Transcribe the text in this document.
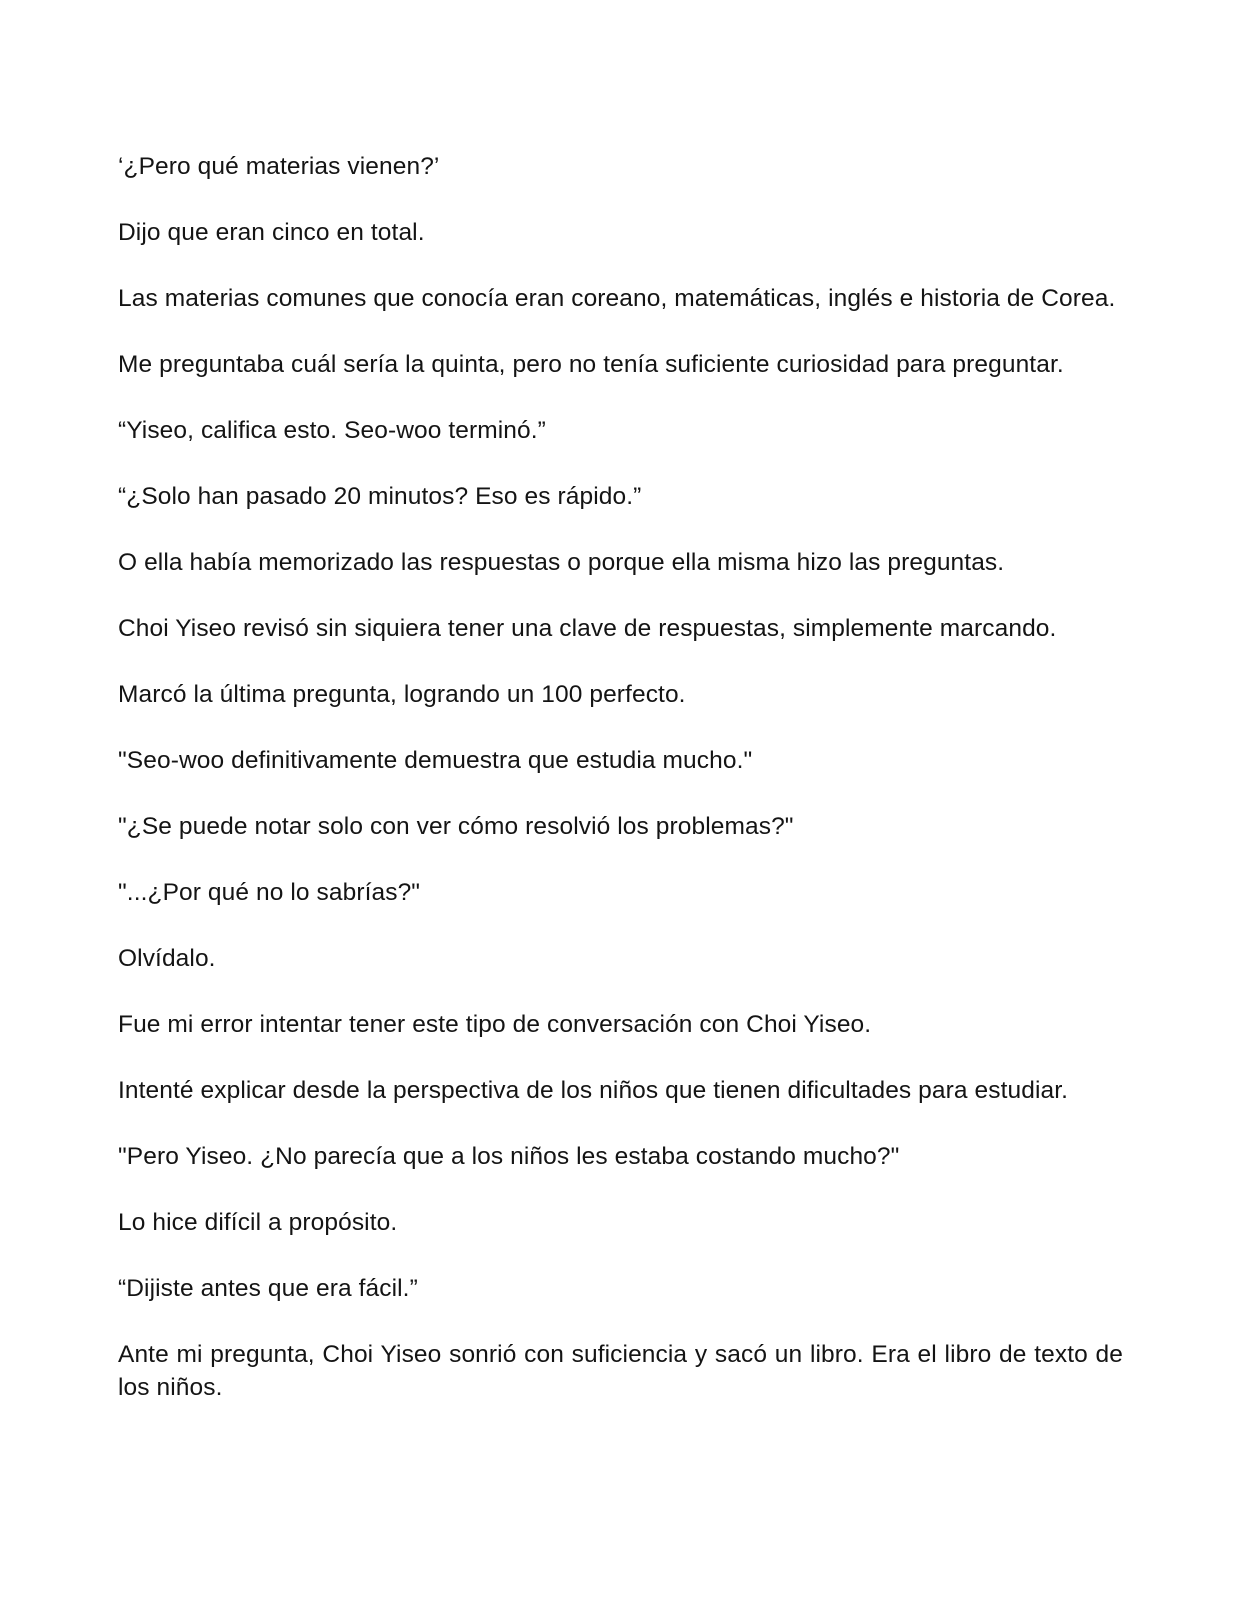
‘¿Pero qué materias vienen?’

Dijo que eran cinco en total.

Las materias comunes que conocía eran coreano, matemáticas, inglés e historia de Corea.

Me preguntaba cuál sería la quinta, pero no tenía suficiente curiosidad para preguntar.

“Yiseo, califica esto. Seo-woo terminó.”

“¿Solo han pasado 20 minutos? Eso es rápido.”

O ella había memorizado las respuestas o porque ella misma hizo las preguntas.

Choi Yiseo revisó sin siquiera tener una clave de respuestas, simplemente marcando.

Marcó la última pregunta, logrando un 100 perfecto.

"Seo-woo definitivamente demuestra que estudia mucho."

"¿Se puede notar solo con ver cómo resolvió los problemas?"

"...¿Por qué no lo sabrías?"

Olvídalo.

Fue mi error intentar tener este tipo de conversación con Choi Yiseo.

Intenté explicar desde la perspectiva de los niños que tienen dificultades para estudiar.

"Pero Yiseo. ¿No parecía que a los niños les estaba costando mucho?"

Lo hice difícil a propósito.

“Dijiste antes que era fácil.”

Ante mi pregunta, Choi Yiseo sonrió con suficiencia y sacó un libro. Era el libro de texto de los niños.
